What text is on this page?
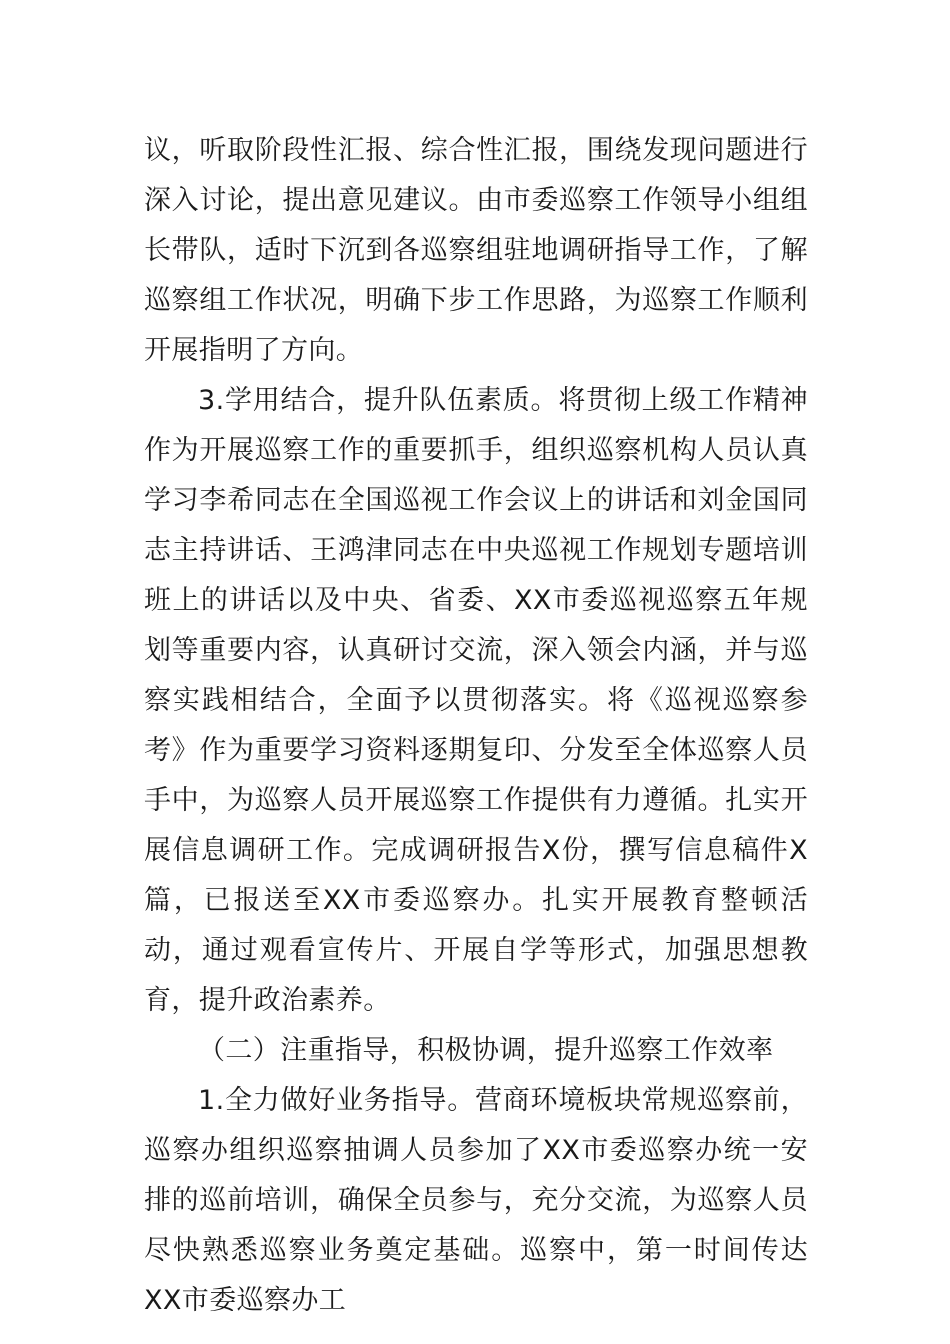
议，听取阶段性汇报、综合性汇报，围绕发现问题进行深入讨论，提出意见建议。由市委巡察工作领导小组组长带队，适时下沉到各巡察组驻地调研指导工作，了解巡察组工作状况，明确下步工作思路，为巡察工作顺利开展指明了方向。

3.学用结合，提升队伍素质。将贯彻上级工作精神作为开展巡察工作的重要抓手，组织巡察机构人员认真学习李希同志在全国巡视工作会议上的讲话和刘金国同志主持讲话、王鸿津同志在中央巡视工作规划专题培训班上的讲话以及中央、省委、XX市委巡视巡察五年规划等重要内容，认真研讨交流，深入领会内涵，并与巡察实践相结合，全面予以贯彻落实。将《巡视巡察参考》作为重要学习资料逐期复印、分发至全体巡察人员手中，为巡察人员开展巡察工作提供有力遵循。扎实开展信息调研工作。完成调研报告X份，撰写信息稿件X篇，已报送至XX市委巡察办。扎实开展教育整顿活动，通过观看宣传片、开展自学等形式，加强思想教育，提升政治素养。

（二）注重指导，积极协调，提升巡察工作效率

1.全力做好业务指导。营商环境板块常规巡察前，巡察办组织巡察抽调人员参加了XX市委巡察办统一安排的巡前培训，确保全员参与，充分交流，为巡察人员尽快熟悉巡察业务奠定基础。巡察中，第一时间传达XX市委巡察办工
